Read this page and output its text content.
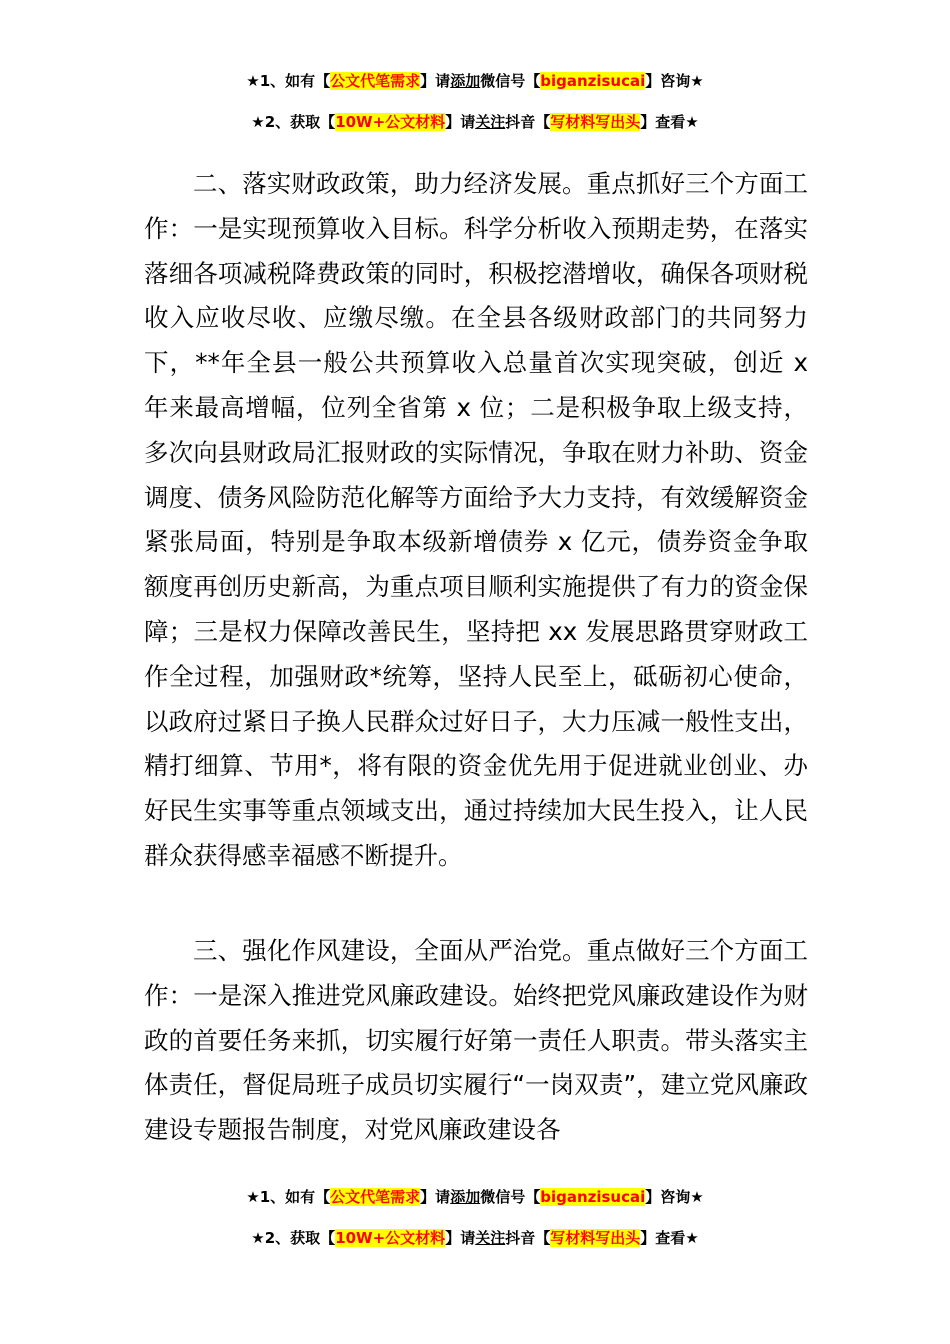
★1、如有【公文代笔需求】请添加微信号【biganzisucai】咨询★
★2、获取【10W+公文材料】请关注抖音【写材料写出头】查看★

二、落实财政政策，助力经济发展。重点抓好三个方面工作：一是实现预算收入目标。科学分析收入预期走势，在落实落细各项减税降费政策的同时，积极挖潜增收，确保各项财税收入应收尽收、应缴尽缴。在全县各级财政部门的共同努力下，**年全县一般公共预算收入总量首次实现突破，创近 x 年来最高增幅，位列全省第 x 位；二是积极争取上级支持，多次向县财政局汇报财政的实际情况，争取在财力补助、资金调度、债务风险防范化解等方面给予大力支持，有效缓解资金紧张局面，特别是争取本级新增债券 x 亿元，债券资金争取额度再创历史新高，为重点项目顺利实施提供了有力的资金保障；三是权力保障改善民生，坚持把 xx 发展思路贯穿财政工作全过程，加强财政*统筹，坚持人民至上，砥砺初心使命，以政府过紧日子换人民群众过好日子，大力压减一般性支出，精打细算、节用*，将有限的资金优先用于促进就业创业、办好民生实事等重点领域支出，通过持续加大民生投入，让人民群众获得感幸福感不断提升。

三、强化作风建设，全面从严治党。重点做好三个方面工作：一是深入推进党风廉政建设。始终把党风廉政建设作为财政的首要任务来抓，切实履行好第一责任人职责。带头落实主体责任，督促局班子成员切实履行“一岗双责”，建立党风廉政建设专题报告制度，对党风廉政建设各

★1、如有【公文代笔需求】请添加微信号【biganzisucai】咨询★
★2、获取【10W+公文材料】请关注抖音【写材料写出头】查看★
